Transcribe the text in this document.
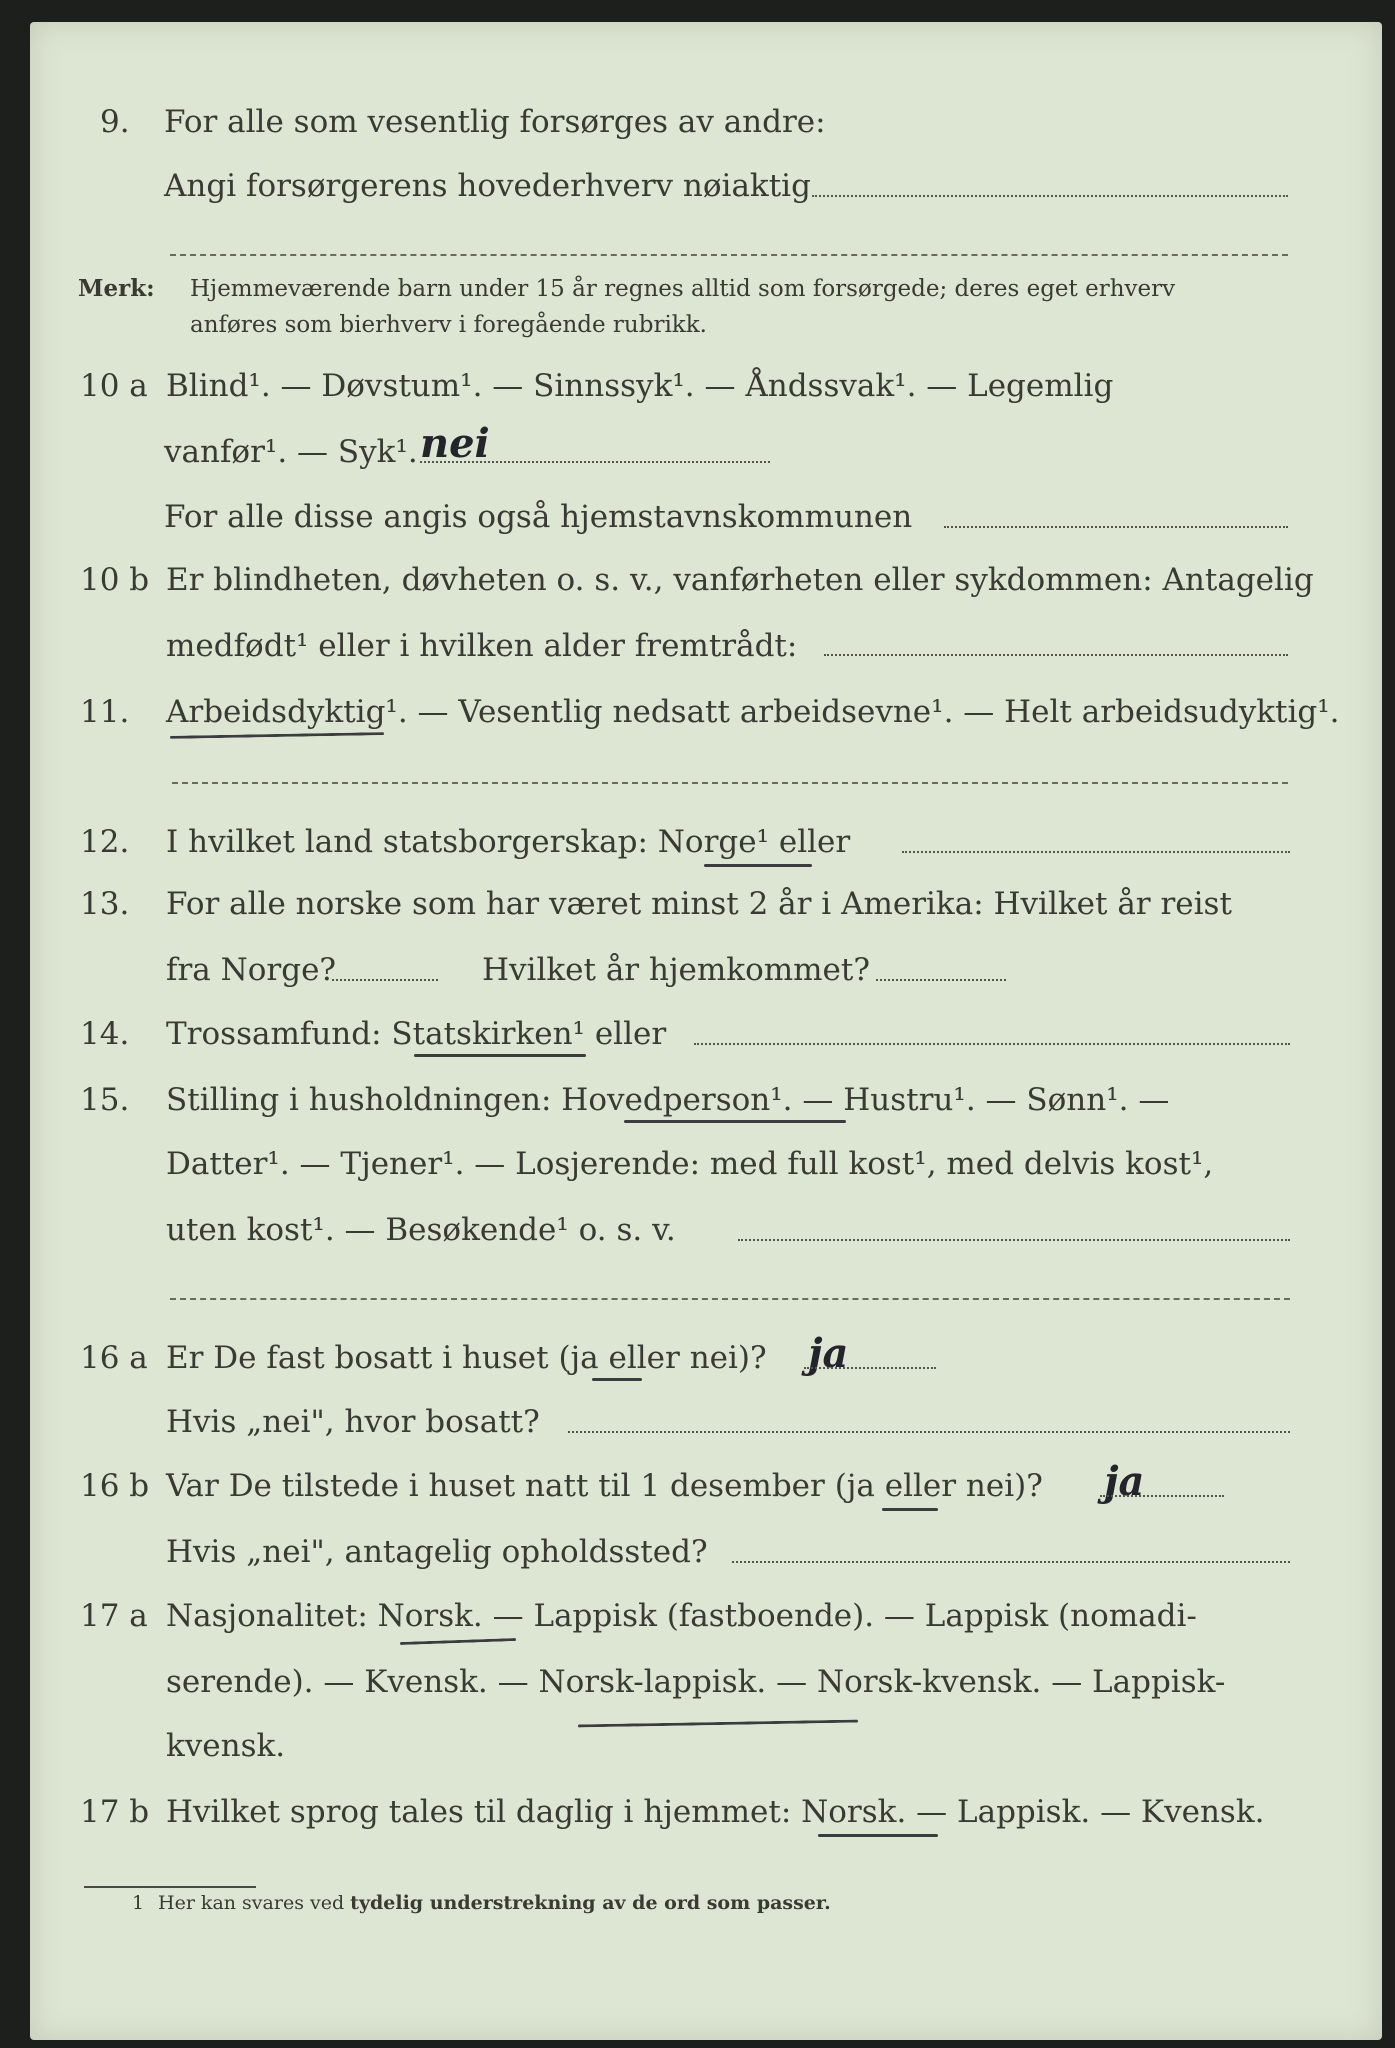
9. For alle som vesentlig forsørges av andre:
Angi forsørgerens hovederhverv nøiaktig
Merk: Hjemmeværende barn under 15 år regnes alltid som forsørgede; deres eget erhverv
anføres som bierhverv i foregående rubrikk.
10 a Blind¹. — Døvstum¹. — Sinnssyk¹. — Åndssvak¹. — Legemlig
vanfør¹. — Syk¹. nei
For alle disse angis også hjemstavnskommunen
10 b Er blindheten, døvheten o. s. v., vanførheten eller sykdommen: Antagelig
medfødt¹ eller i hvilken alder fremtrådt:
11. Arbeidsdyktig¹. — Vesentlig nedsatt arbeidsevne¹. — Helt arbeidsudyktig¹.
12. I hvilket land statsborgerskap: Norge¹ eller
13. For alle norske som har været minst 2 år i Amerika: Hvilket år reist
fra Norge?	Hvilket år hjemkommet?
14. Trossamfund: Statskirken¹ eller
15. Stilling i husholdningen: Hovedperson¹. — Hustru¹. — Sønn¹. —
Datter¹. — Tjener¹. — Losjerende: med full kost¹, med delvis kost¹,
uten kost¹. — Besøkende¹ o. s. v.
16 a Er De fast bosatt i huset (ja eller nei)? ja
Hvis „nei", hvor bosatt?
16 b Var De tilstede i huset natt til 1 desember (ja eller nei)? ja
Hvis „nei", antagelig opholdssted?
17 a Nasjonalitet: Norsk. — Lappisk (fastboende). — Lappisk (nomadi-
serende). — Kvensk. — Norsk-lappisk. — Norsk-kvensk. — Lappisk-
kvensk.
17 b Hvilket sprog tales til daglig i hjemmet: Norsk. — Lappisk. — Kvensk.
1 Her kan svares ved tydelig understrekning av de ord som passer.
